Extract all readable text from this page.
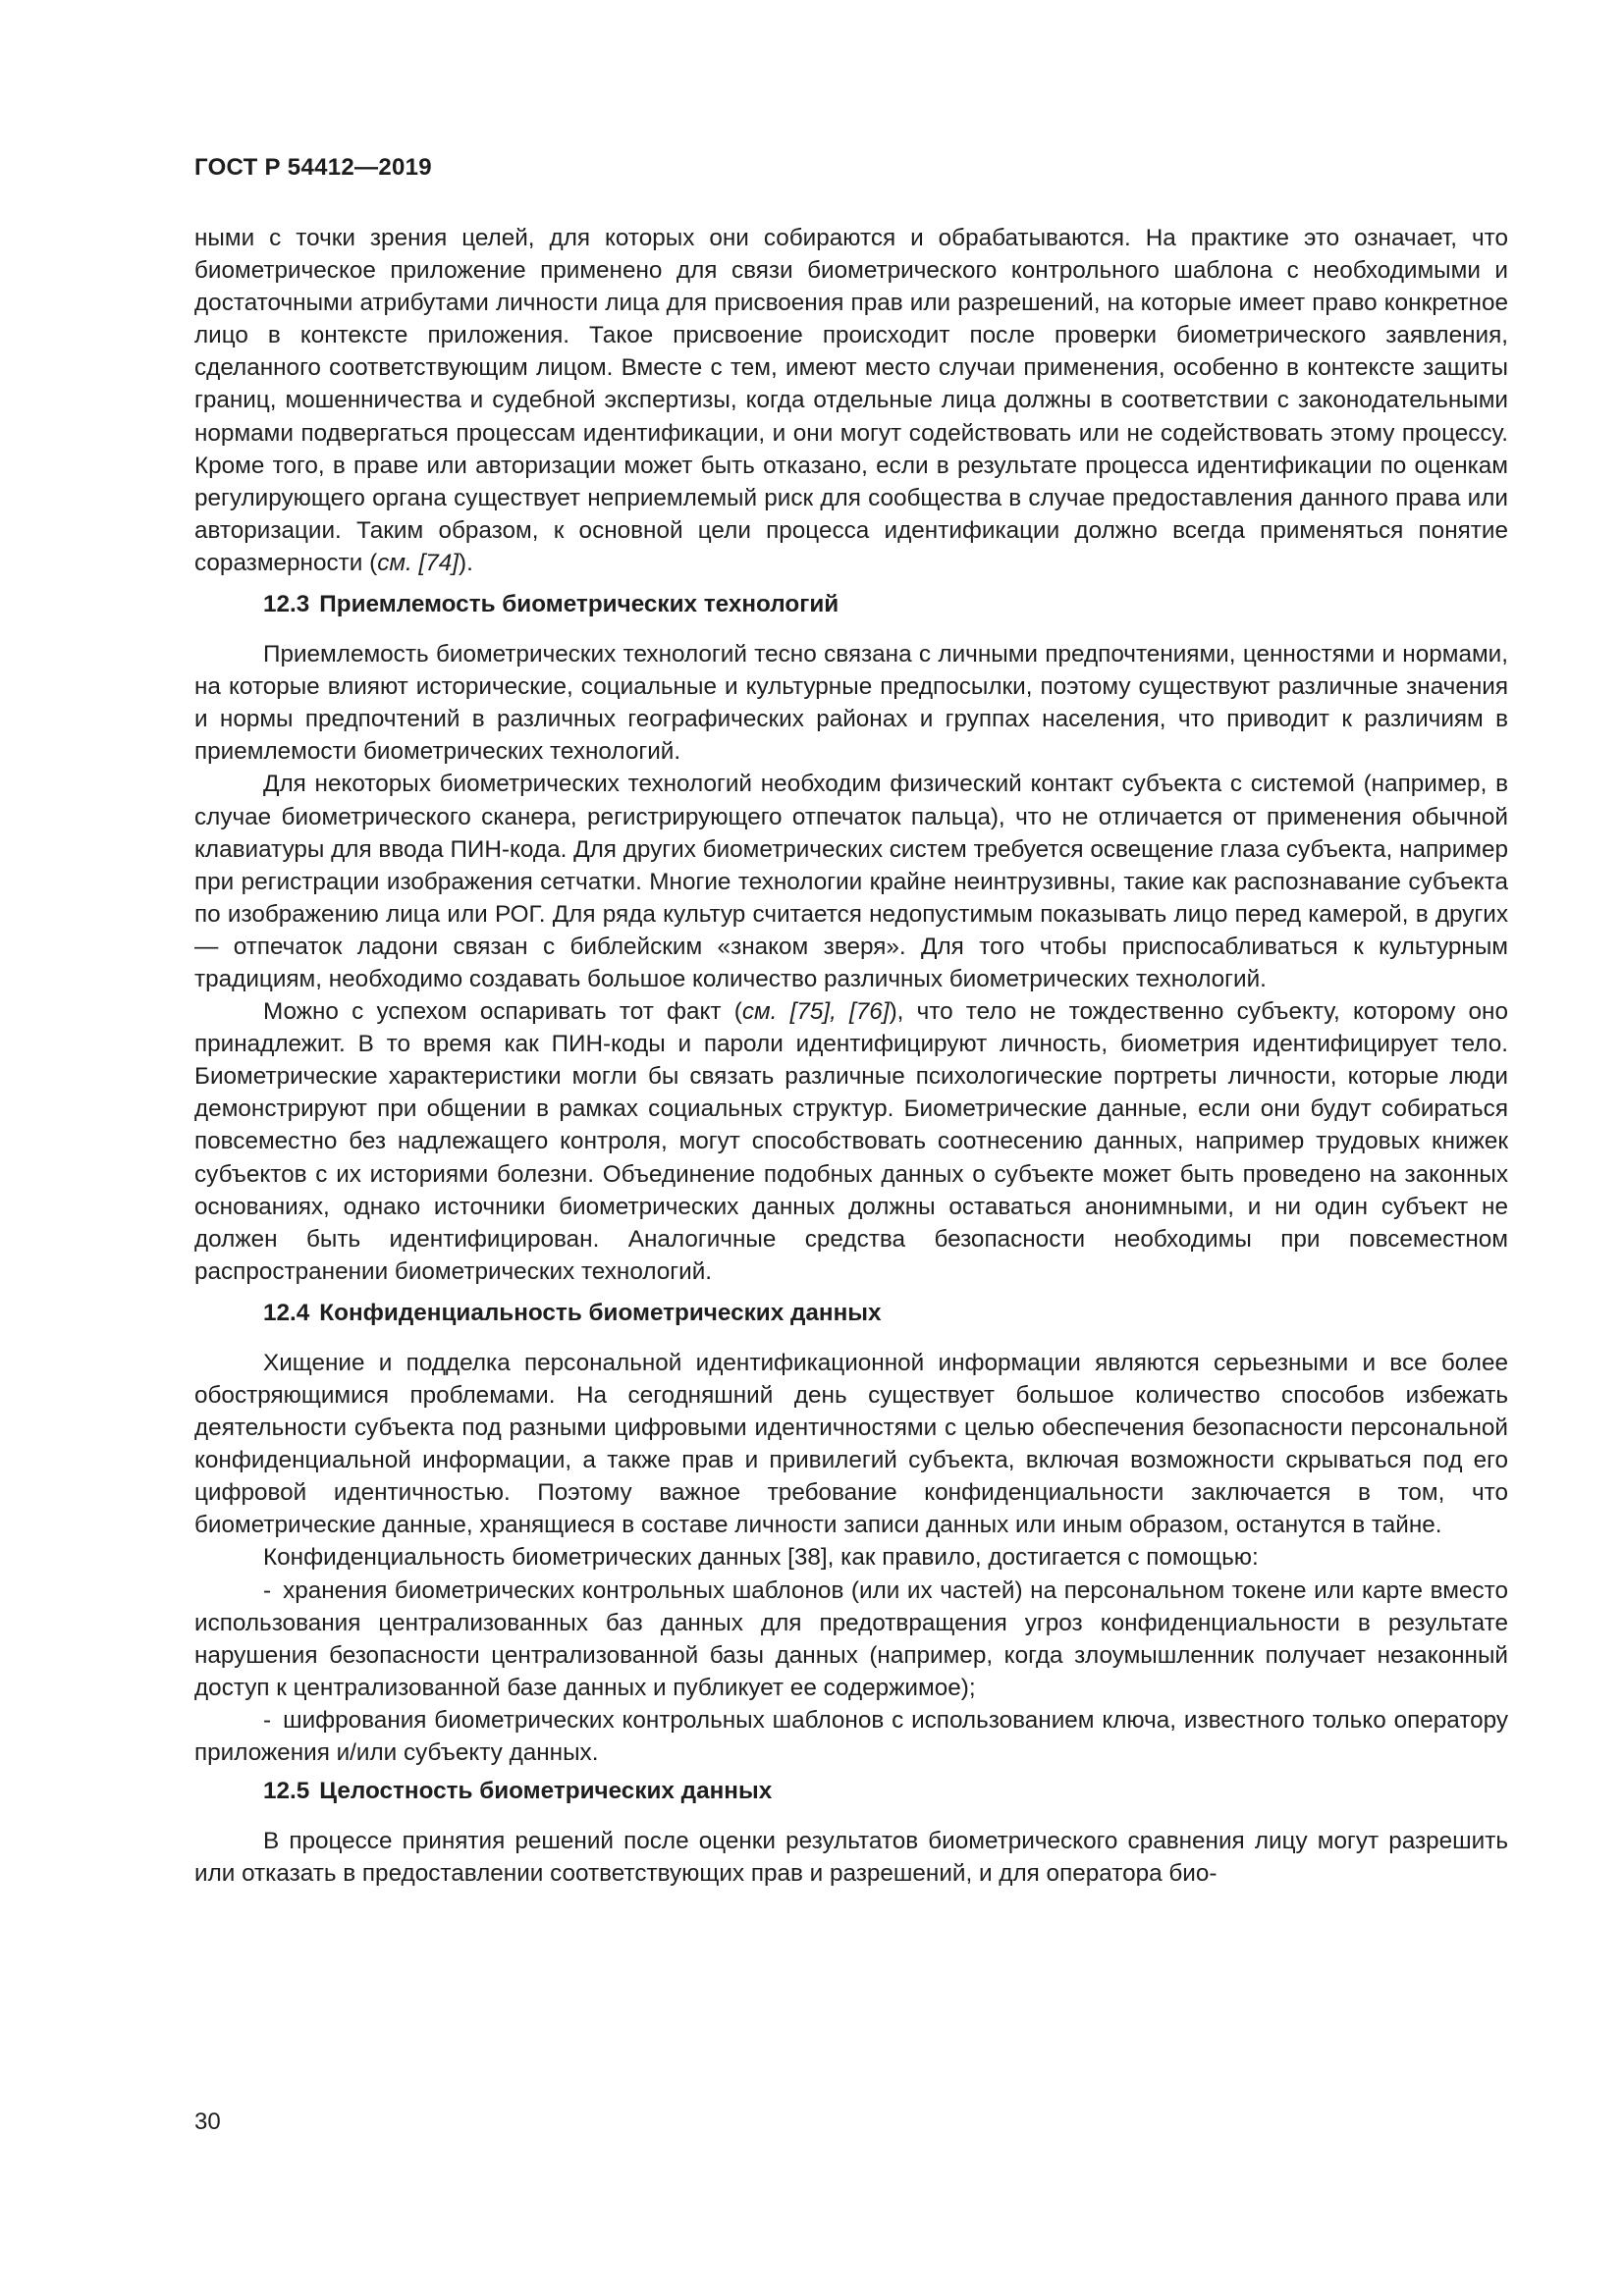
ГОСТ Р 54412—2019

ными с точки зрения целей, для которых они собираются и обрабатываются. На практике это означает, что биометрическое приложение применено для связи биометрического контрольного шаблона с необходимыми и достаточными атрибутами личности лица для присвоения прав или разрешений, на которые имеет право конкретное лицо в контексте приложения. Такое присвоение происходит после проверки биометрического заявления, сделанного соответствующим лицом. Вместе с тем, имеют место случаи применения, особенно в контексте защиты границ, мошенничества и судебной экспертизы, когда отдельные лица должны в соответствии с законодательными нормами подвергаться процессам идентификации, и они могут содействовать или не содействовать этому процессу. Кроме того, в праве или авторизации может быть отказано, если в результате процесса идентификации по оценкам регулирующего органа существует неприемлемый риск для сообщества в случае предоставления данного права или авторизации. Таким образом, к основной цели процесса идентификации должно всегда применяться понятие соразмерности (см. [74]).

12.3 Приемлемость биометрических технологий

Приемлемость биометрических технологий тесно связана с личными предпочтениями, ценностями и нормами, на которые влияют исторические, социальные и культурные предпосылки, поэтому существуют различные значения и нормы предпочтений в различных географических районах и группах населения, что приводит к различиям в приемлемости биометрических технологий.

Для некоторых биометрических технологий необходим физический контакт субъекта с системой (например, в случае биометрического сканера, регистрирующего отпечаток пальца), что не отличается от применения обычной клавиатуры для ввода ПИН-кода. Для других биометрических систем требуется освещение глаза субъекта, например при регистрации изображения сетчатки. Многие технологии крайне неинтрузивны, такие как распознавание субъекта по изображению лица или РОГ. Для ряда культур считается недопустимым показывать лицо перед камерой, в других — отпечаток ладони связан с библейским «знаком зверя». Для того чтобы приспосабливаться к культурным традициям, необходимо создавать большое количество различных биометрических технологий.

Можно с успехом оспаривать тот факт (см. [75], [76]), что тело не тождественно субъекту, которому оно принадлежит. В то время как ПИН-коды и пароли идентифицируют личность, биометрия идентифицирует тело. Биометрические характеристики могли бы связать различные психологические портреты личности, которые люди демонстрируют при общении в рамках социальных структур. Биометрические данные, если они будут собираться повсеместно без надлежащего контроля, могут способствовать соотнесению данных, например трудовых книжек субъектов с их историями болезни. Объединение подобных данных о субъекте может быть проведено на законных основаниях, однако источники биометрических данных должны оставаться анонимными, и ни один субъект не должен быть идентифицирован. Аналогичные средства безопасности необходимы при повсеместном распространении биометрических технологий.

12.4 Конфиденциальность биометрических данных

Хищение и подделка персональной идентификационной информации являются серьезными и все более обостряющимися проблемами. На сегодняшний день существует большое количество способов избежать деятельности субъекта под разными цифровыми идентичностями с целью обеспечения безопасности персональной конфиденциальной информации, а также прав и привилегий субъекта, включая возможности скрываться под его цифровой идентичностью. Поэтому важное требование конфиденциальности заключается в том, что биометрические данные, хранящиеся в составе личности записи данных или иным образом, останутся в тайне.

Конфиденциальность биометрических данных [38], как правило, достигается с помощью:

- хранения биометрических контрольных шаблонов (или их частей) на персональном токене или карте вместо использования централизованных баз данных для предотвращения угроз конфиденциальности в результате нарушения безопасности централизованной базы данных (например, когда злоумышленник получает незаконный доступ к централизованной базе данных и публикует ее содержимое);

- шифрования биометрических контрольных шаблонов с использованием ключа, известного только оператору приложения и/или субъекту данных.

12.5 Целостность биометрических данных

В процессе принятия решений после оценки результатов биометрического сравнения лицу могут разрешить или отказать в предоставлении соответствующих прав и разрешений, и для оператора био-

30
